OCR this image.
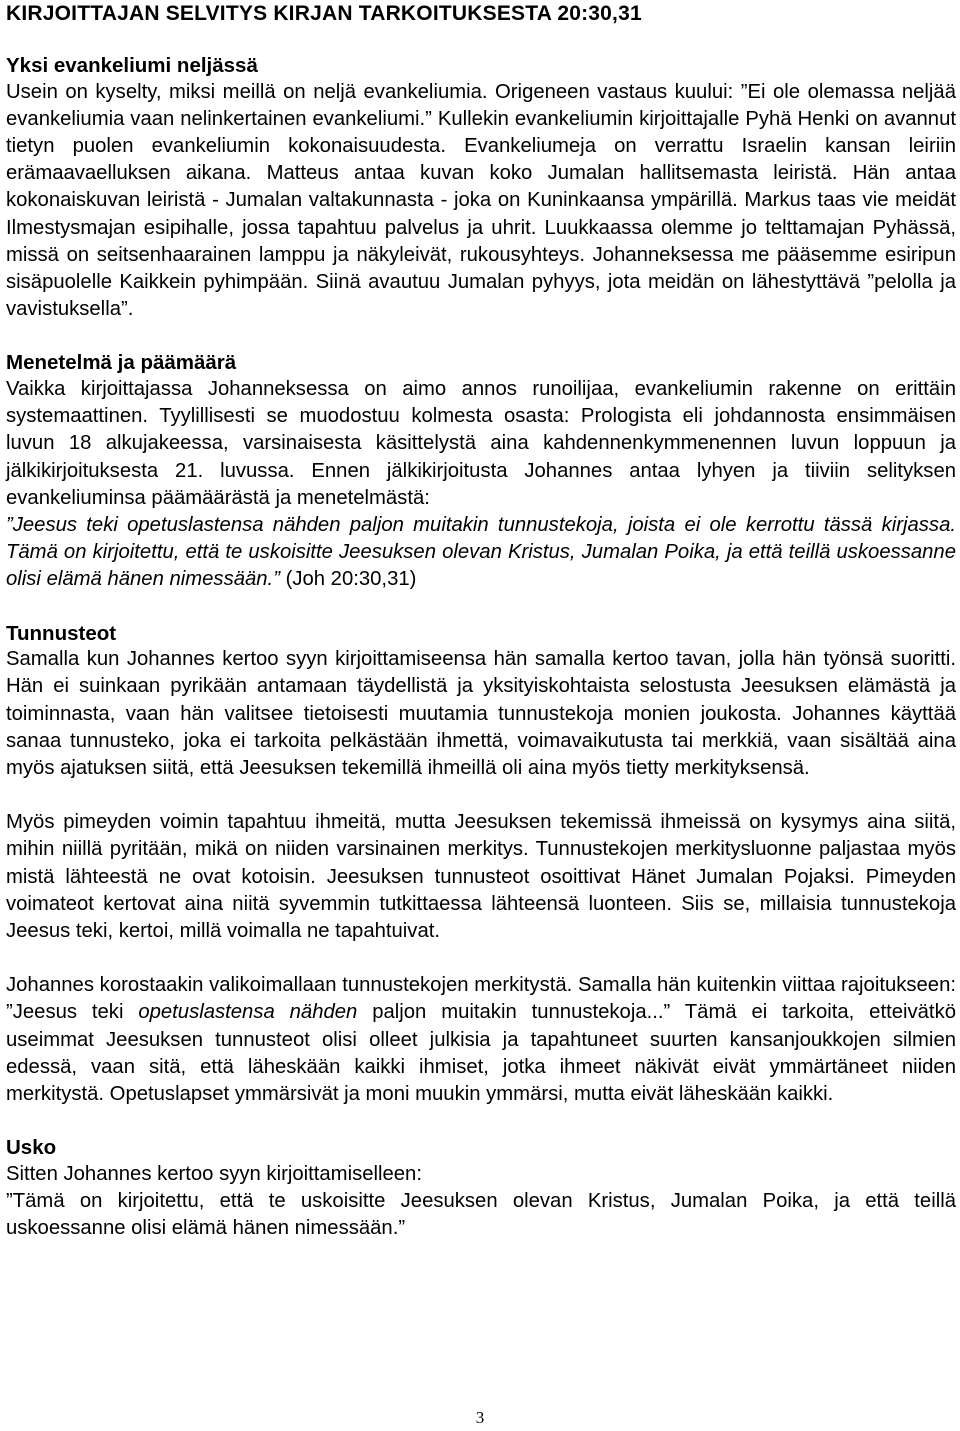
KIRJOITTAJAN SELVITYS KIRJAN TARKOITUKSESTA 20:30,31
Yksi evankeliumi neljässä

Usein on kyselty, miksi meillä on neljä evankeliumia. Origeneen vastaus kuului: ”Ei ole olemassa neljää evankeliumia vaan nelinkertainen evankeliumi.” Kullekin evankeliumin kirjoittajalle Pyhä Henki on avannut tietyn puolen evankeliumin kokonaisuudesta. Evankeliumeja on verrattu Israelin kansan leiriin erämaavaelluksen aikana. Matteus antaa kuvan koko Jumalan hallitsemasta leiristä. Hän antaa kokonaiskuvan leiristä - Jumalan valtakunnasta - joka on Kuninkaansa ympärillä. Markus taas vie meidät Ilmestysmajan esipihalle, jossa tapahtuu palvelus ja uhrit. Luukkaassa olemme jo telttamajan Pyhässä, missä on seitsenhaarainen lamppu ja näkyleivät, rukousyhteys. Johanneksessa me pääsemme esiripun sisäpuolelle Kaikkein pyhimpään. Siinä avautuu Jumalan pyhyys, jota meidän on lähestyttävä ”pelolla ja vavistuksella”.

Menetelmä ja päämäärä

Vaikka kirjoittajassa Johanneksessa on aimo annos runoilijaa, evankeliumin rakenne on erittäin systemaattinen. Tyylillisesti se muodostuu kolmesta osasta: Prologista eli johdannosta ensimmäisen luvun 18 alkujakeessa, varsinaisesta käsittelystä aina kahdennenkymmenennen luvun loppuun ja jälkikirjoituksesta 21. luvussa. Ennen jälkikirjoitusta Johannes antaa lyhyen ja tiiviin selityksen evankeliuminsa päämäärästä ja menetelmästä:
”Jeesus teki opetuslastensa nähden paljon muitakin tunnustekoja, joista ei ole kerrottu tässä kirjassa. Tämä on kirjoitettu, että te uskoisitte Jeesuksen olevan Kristus, Jumalan Poika, ja että teillä uskoessanne olisi elämä hänen nimessään.” (Joh 20:30,31)

Tunnusteot

Samalla kun Johannes kertoo syyn kirjoittamiseensa hän samalla kertoo tavan, jolla hän työnsä suoritti. Hän ei suinkaan pyrikään antamaan täydellistä ja yksityiskohtaista selostusta Jeesuksen elämästä ja toiminnasta, vaan hän valitsee tietoisesti muutamia tunnustekoja monien joukosta. Johannes käyttää sanaa tunnusteko, joka ei tarkoita pelkästään ihmettä, voimavaikutusta tai merkkiä, vaan sisältää aina myös ajatuksen siitä, että Jeesuksen tekemillä ihmeillä oli aina myös tietty merkityksensä.

Myös pimeyden voimin tapahtuu ihmeitä, mutta Jeesuksen tekemissä ihmeissä on kysymys aina siitä, mihin niillä pyritään, mikä on niiden varsinainen merkitys. Tunnustekojen merkitysluonne paljastaa myös mistä lähteestä ne ovat kotoisin. Jeesuksen tunnusteot osoittivat Hänet Jumalan Pojaksi. Pimeyden voimateot kertovat aina niitä syvemmin tutkittaessa lähteensä luonteen. Siis se, millaisia tunnustekoja Jeesus teki, kertoi, millä voimalla ne tapahtuivat.

Johannes korostaakin valikoimallaan tunnustekojen merkitystä. Samalla hän kuitenkin viittaa rajoitukseen: ”Jeesus teki opetuslastensa nähden paljon muitakin tunnustekoja...” Tämä ei tarkoita, etteivätkö useimmat Jeesuksen tunnusteot olisi olleet julkisia ja tapahtuneet suurten kansanjoukkojen silmien edessä, vaan sitä, että läheskään kaikki ihmiset, jotka ihmeet näkivät eivät ymmärtäneet niiden merkitystä. Opetuslapset ymmärsivät ja moni muukin ymmärsi, mutta eivät läheskään kaikki.

Usko

Sitten Johannes kertoo syyn kirjoittamiselleen:

”Tämä on kirjoitettu, että te uskoisitte Jeesuksen olevan Kristus, Jumalan Poika, ja että teillä uskoessanne olisi elämä hänen nimessään.”

3
